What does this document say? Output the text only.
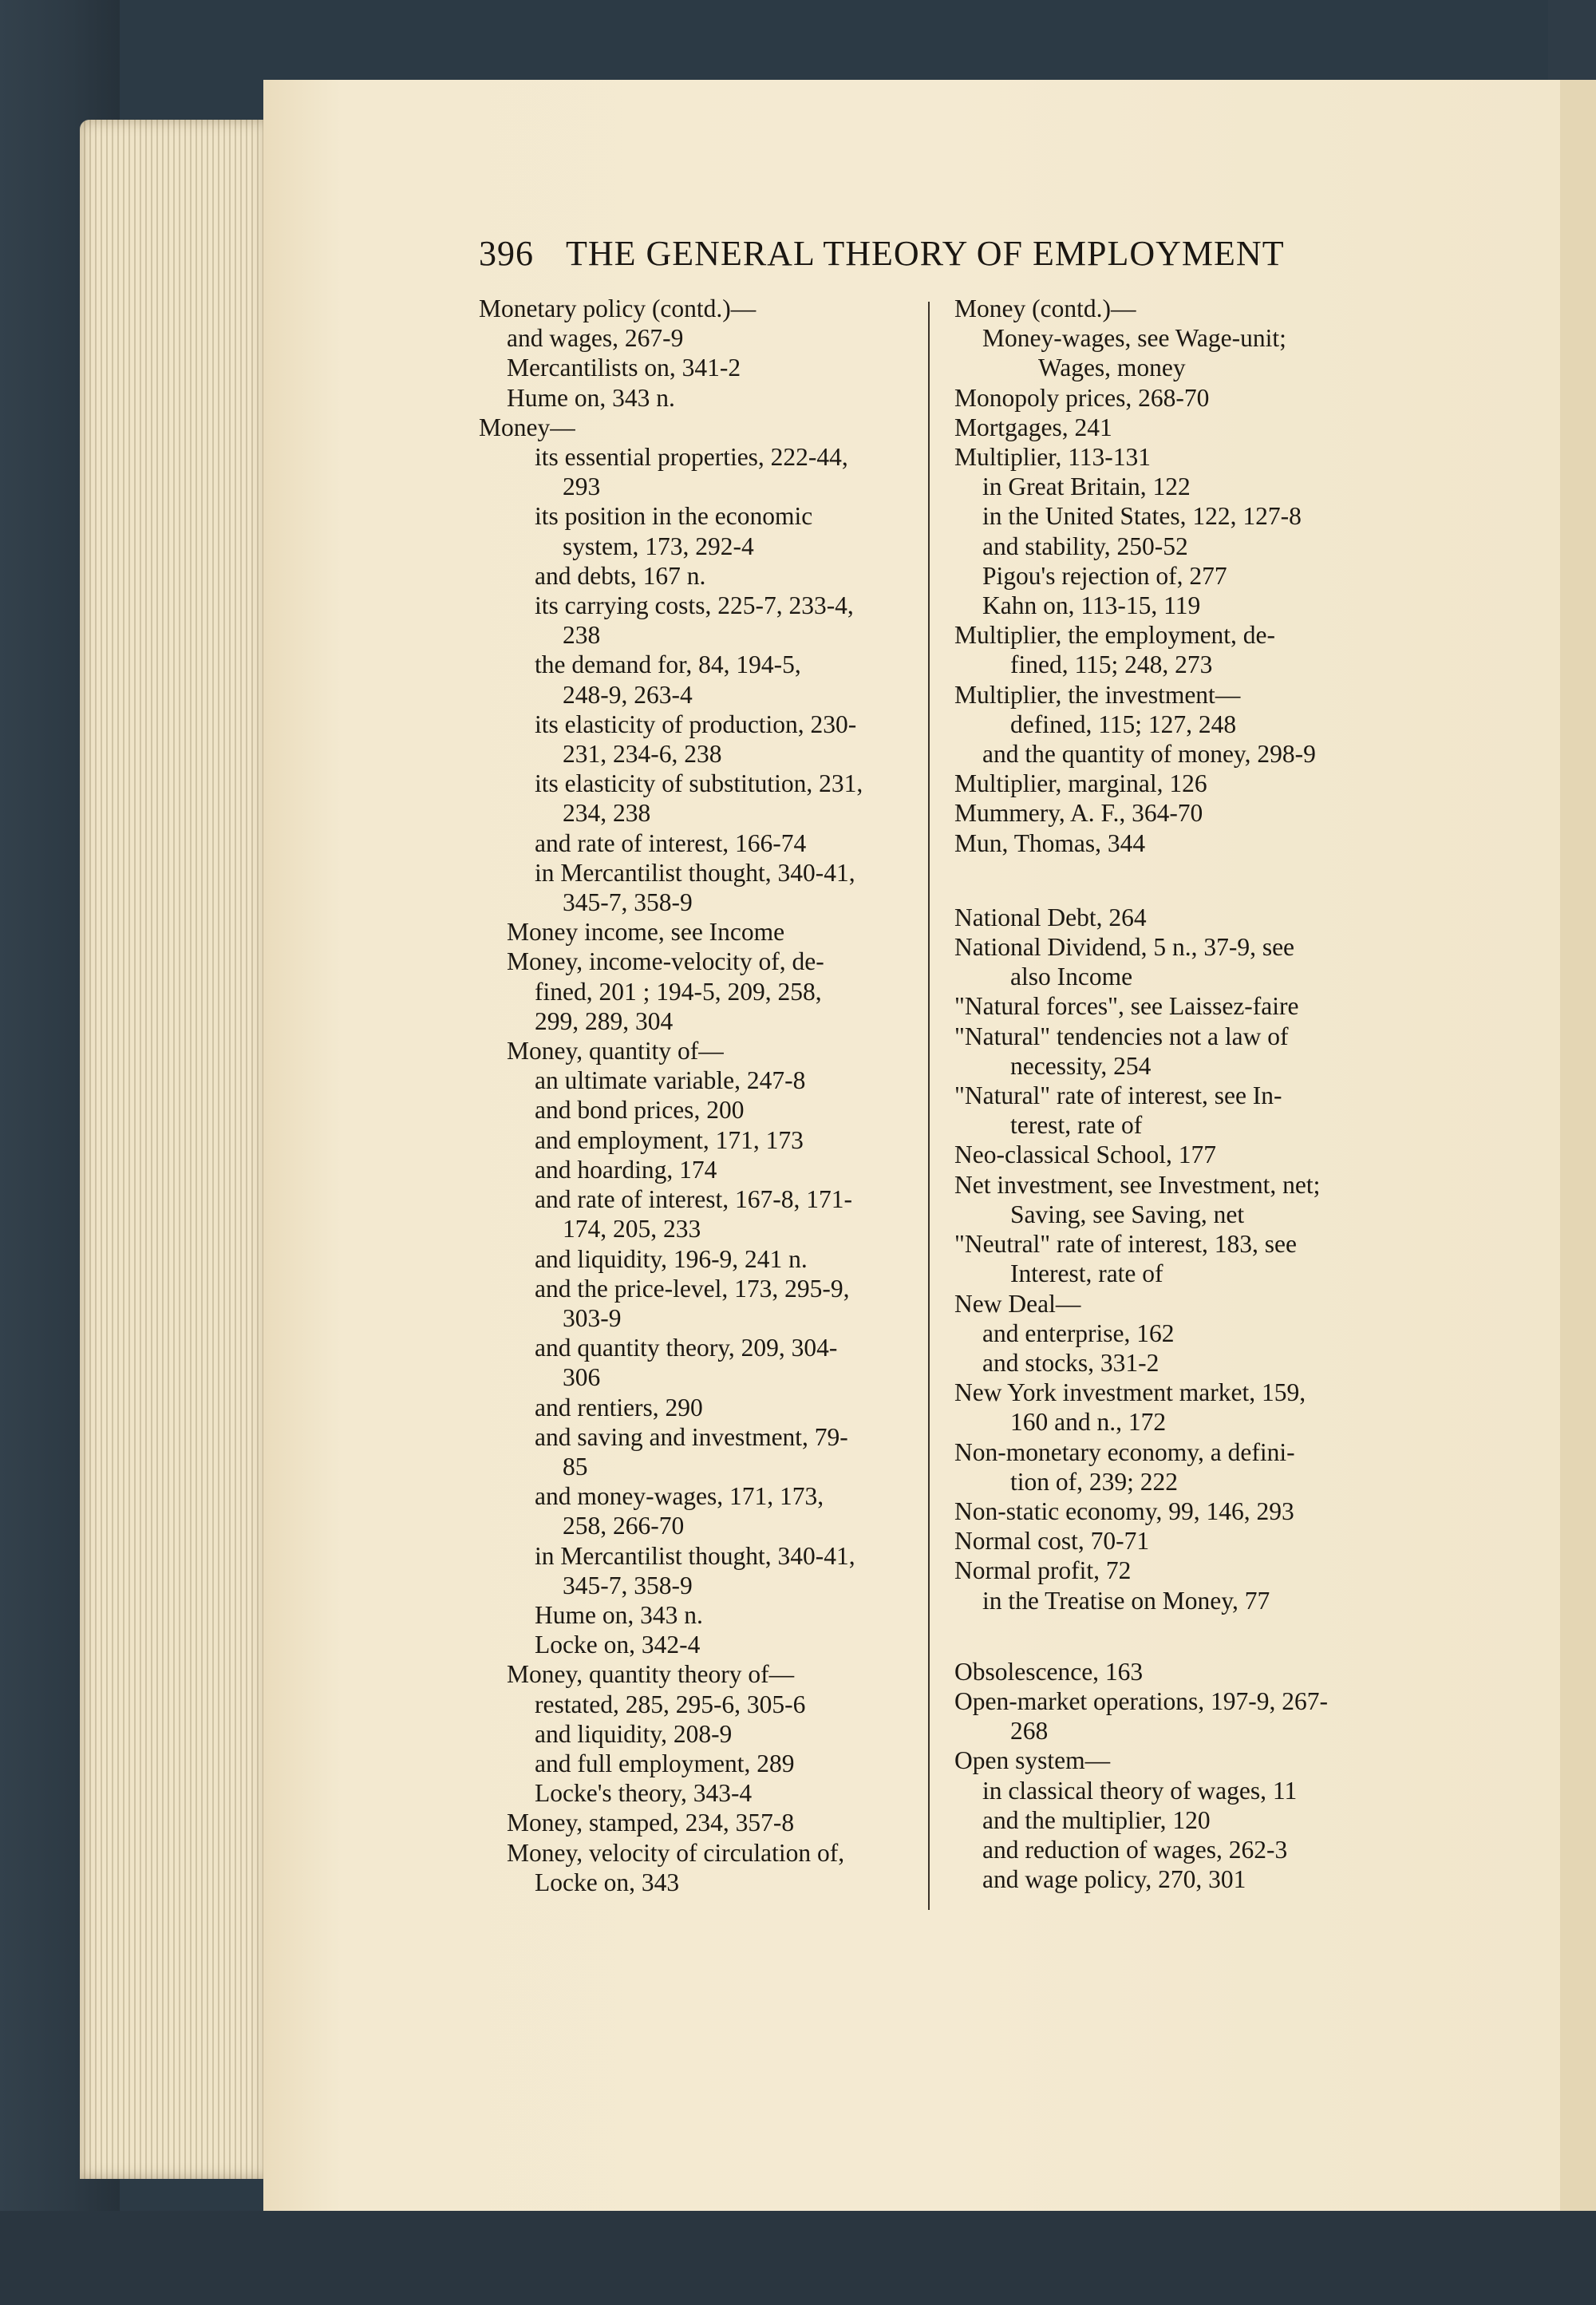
396 THE GENERAL THEORY OF EMPLOYMENT
Monetary policy (contd.)—
and wages, 267-9
Mercantilists on, 341-2
Hume on, 343 n.
Money—
its essential properties, 222-44,
293
its position in the economic
system, 173, 292-4
and debts, 167 n.
its carrying costs, 225-7, 233-4,
238
the demand for, 84, 194-5,
248-9, 263-4
its elasticity of production, 230-
231, 234-6, 238
its elasticity of substitution, 231,
234, 238
and rate of interest, 166-74
in Mercantilist thought, 340-41,
345-7, 358-9
Money income, see Income
Money, income-velocity of, de-
fined, 201 ; 194-5, 209, 258,
299, 289, 304
Money, quantity of—
an ultimate variable, 247-8
and bond prices, 200
and employment, 171, 173
and hoarding, 174
and rate of interest, 167-8, 171-
174, 205, 233
and liquidity, 196-9, 241 n.
and the price-level, 173, 295-9,
303-9
and quantity theory, 209, 304-
306
and rentiers, 290
and saving and investment, 79-
85
and money-wages, 171, 173,
258, 266-70
in Mercantilist thought, 340-41,
345-7, 358-9
Hume on, 343 n.
Locke on, 342-4
Money, quantity theory of—
restated, 285, 295-6, 305-6
and liquidity, 208-9
and full employment, 289
Locke's theory, 343-4
Money, stamped, 234, 357-8
Money, velocity of circulation of,
Locke on, 343
Money (contd.)—
Money-wages, see Wage-unit;
Wages, money
Monopoly prices, 268-70
Mortgages, 241
Multiplier, 113-131
in Great Britain, 122
in the United States, 122, 127-8
and stability, 250-52
Pigou's rejection of, 277
Kahn on, 113-15, 119
Multiplier, the employment, de-
fined, 115; 248, 273
Multiplier, the investment—
defined, 115; 127, 248
and the quantity of money, 298-9
Multiplier, marginal, 126
Mummery, A. F., 364-70
Mun, Thomas, 344
National Debt, 264
National Dividend, 5 n., 37-9, see
also Income
"Natural forces", see Laissez-faire
"Natural" tendencies not a law of
necessity, 254
"Natural" rate of interest, see In-
terest, rate of
Neo-classical School, 177
Net investment, see Investment, net;
Saving, see Saving, net
"Neutral" rate of interest, 183, see
Interest, rate of
New Deal—
and enterprise, 162
and stocks, 331-2
New York investment market, 159,
160 and n., 172
Non-monetary economy, a defini-
tion of, 239; 222
Non-static economy, 99, 146, 293
Normal cost, 70-71
Normal profit, 72
in the Treatise on Money, 77
Obsolescence, 163
Open-market operations, 197-9, 267-
268
Open system—
in classical theory of wages, 11
and the multiplier, 120
and reduction of wages, 262-3
and wage policy, 270, 301
